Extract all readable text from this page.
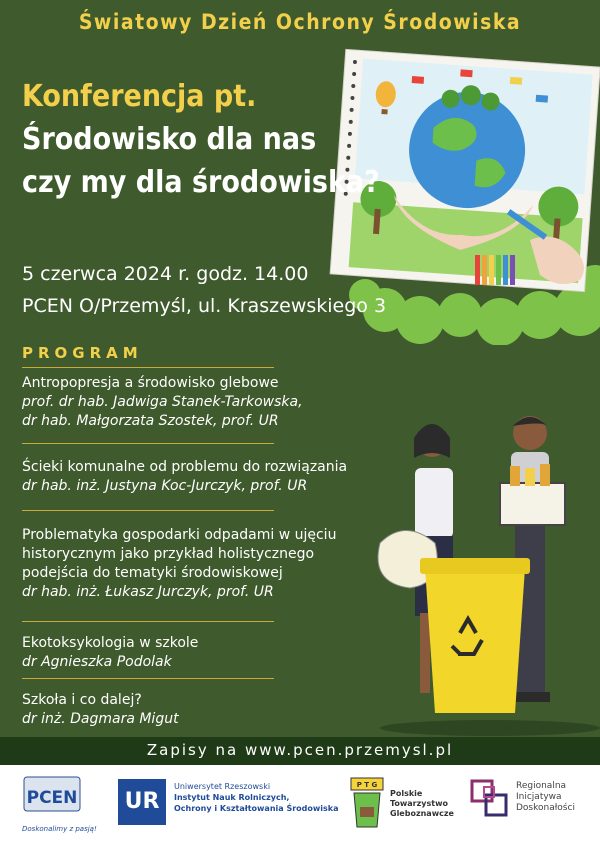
Światowy Dzień Ochrony Środowiska
Konferencja pt.
Środowisko dla nas
czy my dla środowiska?
5 czerwca 2024 r. godz. 14.00
PCEN O/Przemyśl, ul. Kraszewskiego 3
PROGRAM
Antropopresja a środowisko glebowe
prof. dr hab. Jadwiga Stanek-Tarkowska,
dr hab. Małgorzata Szostek, prof. UR
Ścieki komunalne od problemu do rozwiązania
dr hab. inż. Justyna Koc-Jurczyk, prof. UR
Problematyka gospodarki odpadami w ujęciu
historycznym jako przykład holistycznego
podejścia do tematyki środowiskowej
dr hab. inż. Łukasz Jurczyk, prof. UR
Ekotoksykologia w szkole
dr Agnieszka Podolak
Szkoła i co dalej?
dr inż. Dagmara Migut
Zapisy na www.pcen.przemysl.pl
PCEN
Doskonalimy z pasją!
UR
Uniwersytet Rzeszowski
Instytut Nauk Rolniczych,
Ochrony i Kształtowania Środowiska
P T G
Polskie
Towarzystwo
Gleboznawcze
Regionalna
Inicjatywa
Doskonałości
